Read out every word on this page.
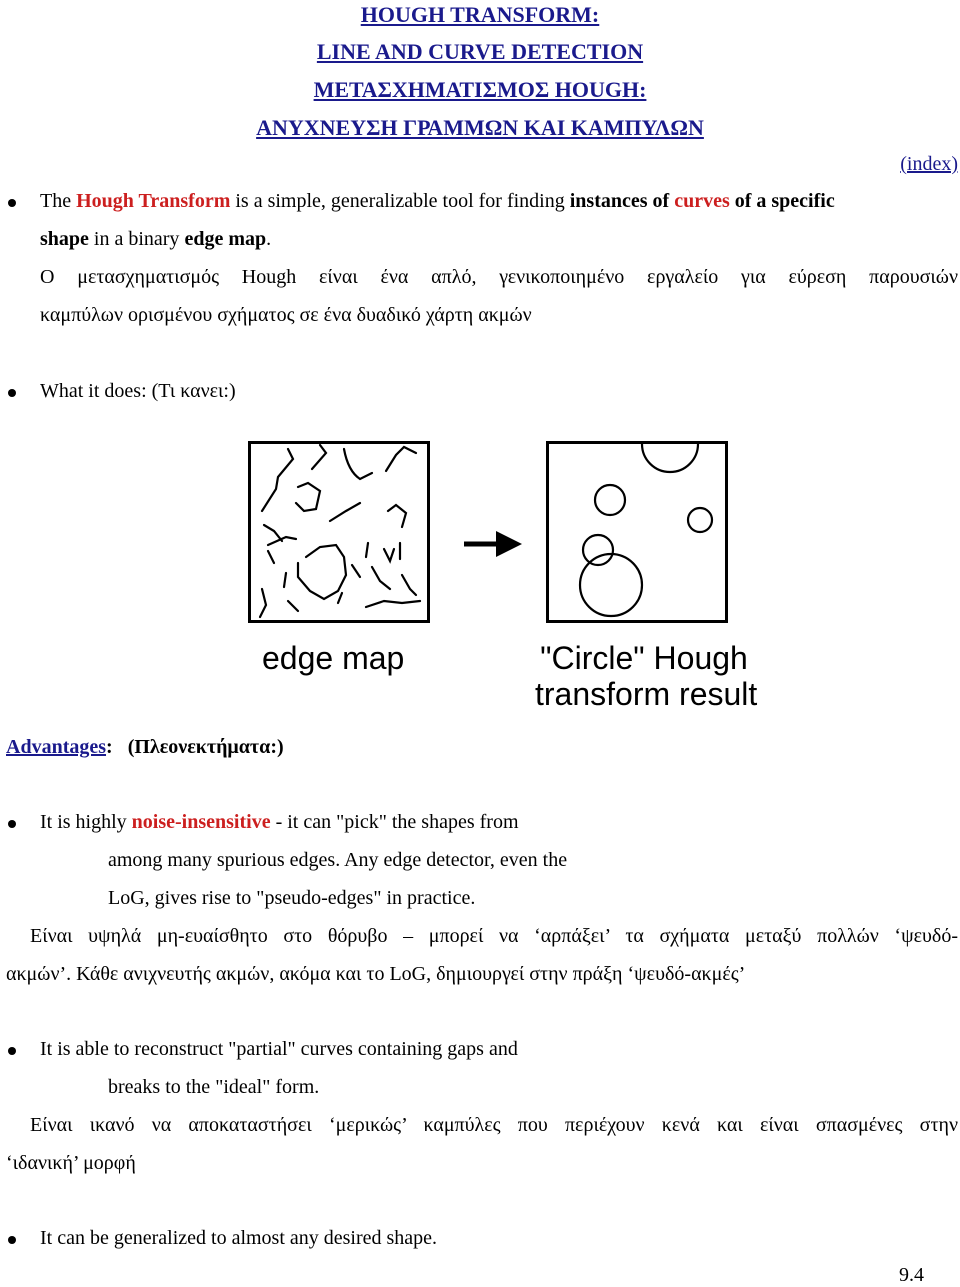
HOUGH TRANSFORM:
LINE AND CURVE DETECTION
ΜΕΤΑΣΧΗΜΑΤΙΣΜΟΣ HOUGH:
ΑΝΥΧΝΕΥΣΗ ΓΡΑΜΜΩΝ ΚΑΙ ΚΑΜΠΥΛΩΝ
(index)
The Hough Transform is a simple, generalizable tool for finding instances of curves of a specific
shape in a binary edge map.
Ο μετασχηματισμός Hough είναι ένα απλό, γενικοποιημένο εργαλείο για εύρεση παρουσιών
καμπύλων ορισμένου σχήματος σε ένα δυαδικό χάρτη ακμών
What it does: (Τι κανει:)
edge map	"Circle" Hough
transform result
Advantages: (Πλεονεκτήματα:)
It is highly noise-insensitive - it can "pick" the shapes from
among many spurious edges. Any edge detector, even the
LoG, gives rise to "pseudo-edges" in practice.
Είναι υψηλά μη-ευαίσθητο στο θόρυβο – μπορεί να ‘αρπάξει’ τα σχήματα μεταξύ πολλών ‘ψευδό-
ακμών’. Κάθε ανιχνευτής ακμών, ακόμα και το LoG, δημιουργεί στην πράξη ‘ψευδό-ακμές’
It is able to reconstruct "partial" curves containing gaps and
breaks to the "ideal" form.
Είναι ικανό να αποκαταστήσει ‘μερικώς’ καμπύλες που περιέχουν κενά και είναι σπασμένες στην
‘ιδανική’ μορφή
It can be generalized to almost any desired shape.
9.4
